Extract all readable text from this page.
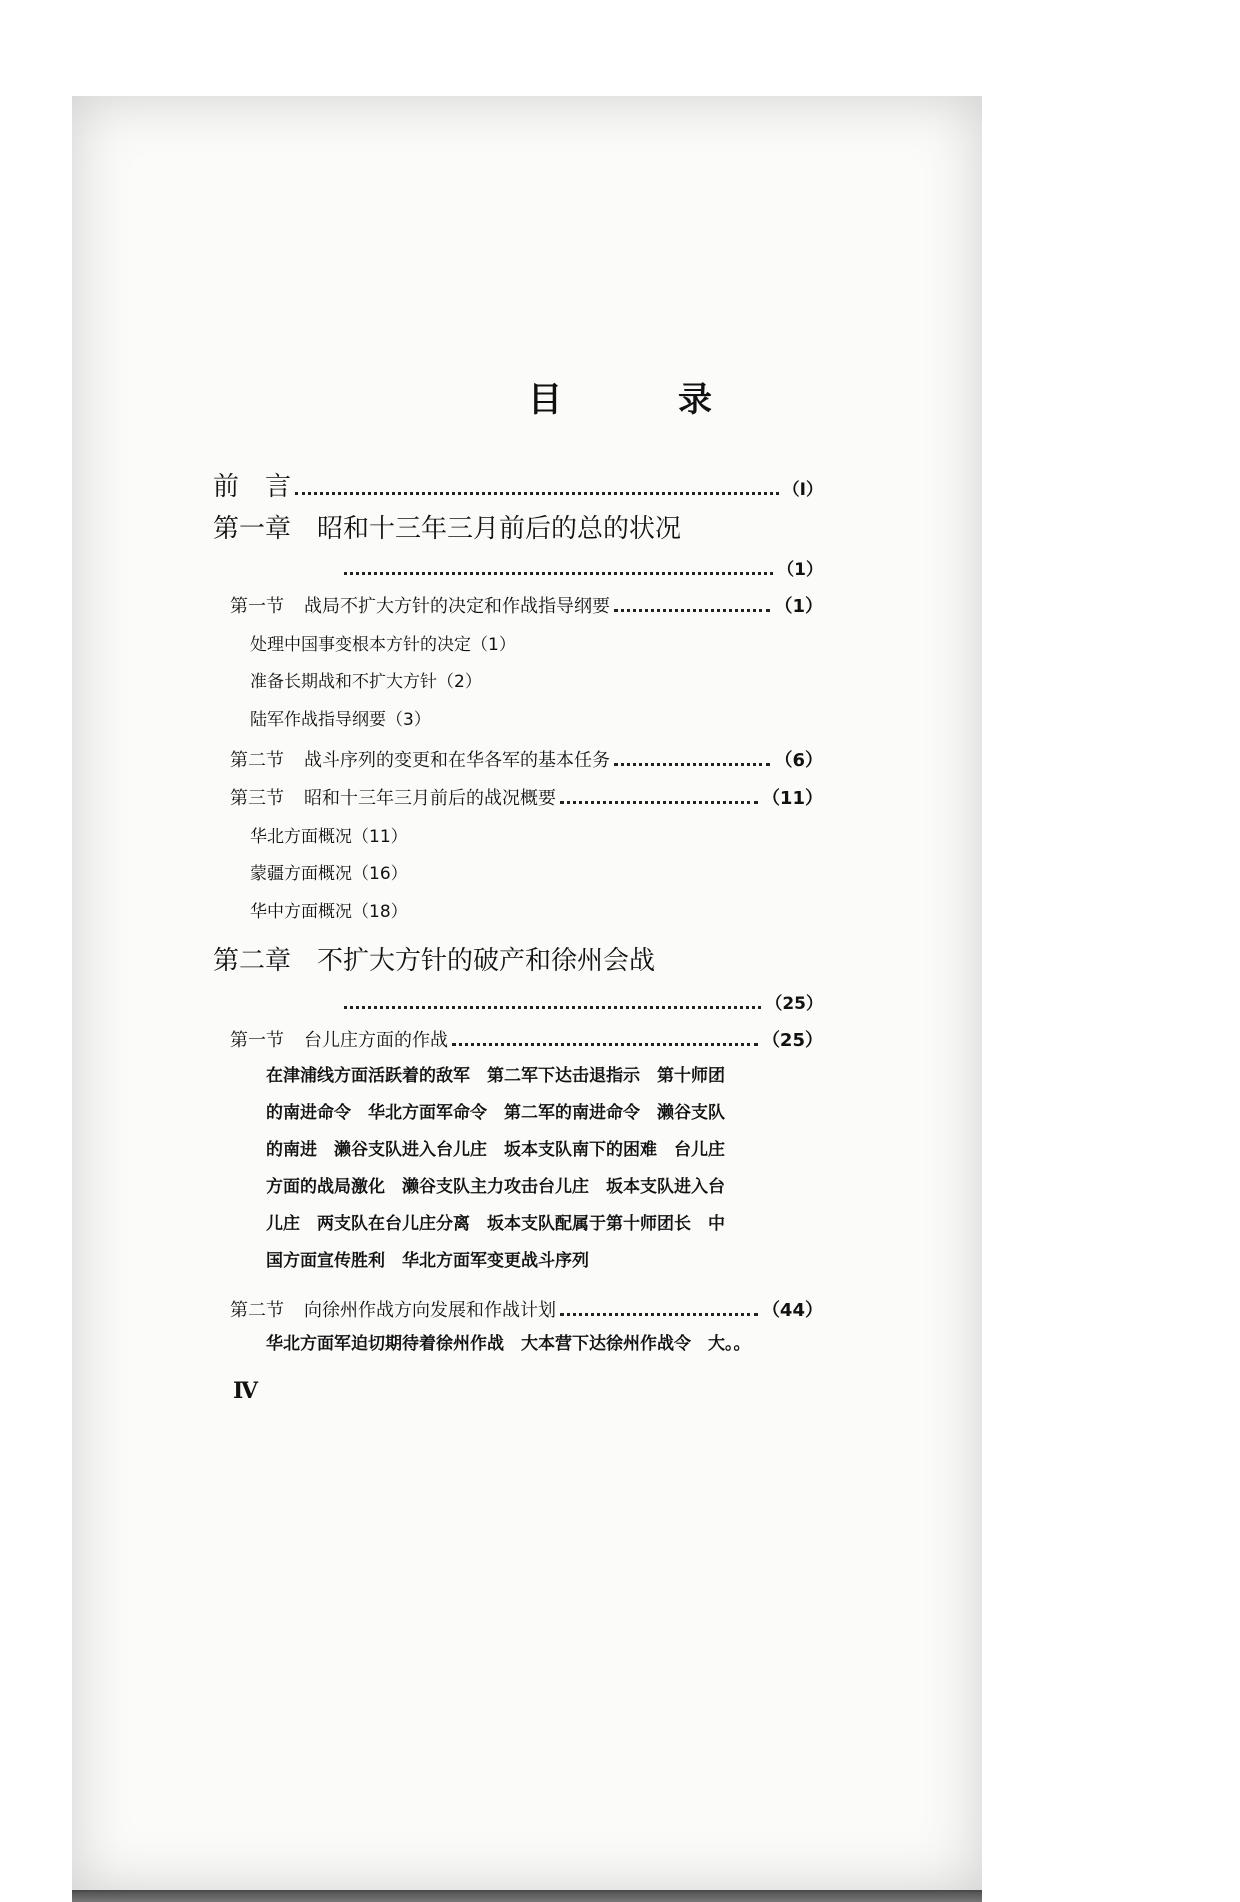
目	录
前　言	（I）
第一章 昭和十三年三月前后的总的状况
（1）
第一节 战局不扩大方针的决定和作战指导纲要	（1）
处理中国事变根本方针的决定（1）
准备长期战和不扩大方针（2）
陆军作战指导纲要（3）
第二节 战斗序列的变更和在华各军的基本任务	（6）
第三节 昭和十三年三月前后的战况概要	（11）
华北方面概况（11）
蒙疆方面概况（16）
华中方面概况（18）
第二章 不扩大方针的破产和徐州会战
（25）
第一节 台儿庄方面的作战	（25）
在津浦线方面活跃着的敌军　第二军下达击退指示　第十师团
的南进命令　华北方面军命令　第二军的南进命令　濑谷支队
的南进　濑谷支队进入台儿庄　坂本支队南下的困难　台儿庄
方面的战局激化　濑谷支队主力攻击台儿庄　坂本支队进入台
儿庄　两支队在台儿庄分离　坂本支队配属于第十师团长　中
国方面宣传胜利　华北方面军变更战斗序列
第二节 向徐州作战方向发展和作战计划	（44）
华北方面军迫切期待着徐州作战　大本营下达徐州作战令　大。。
Ⅳ
